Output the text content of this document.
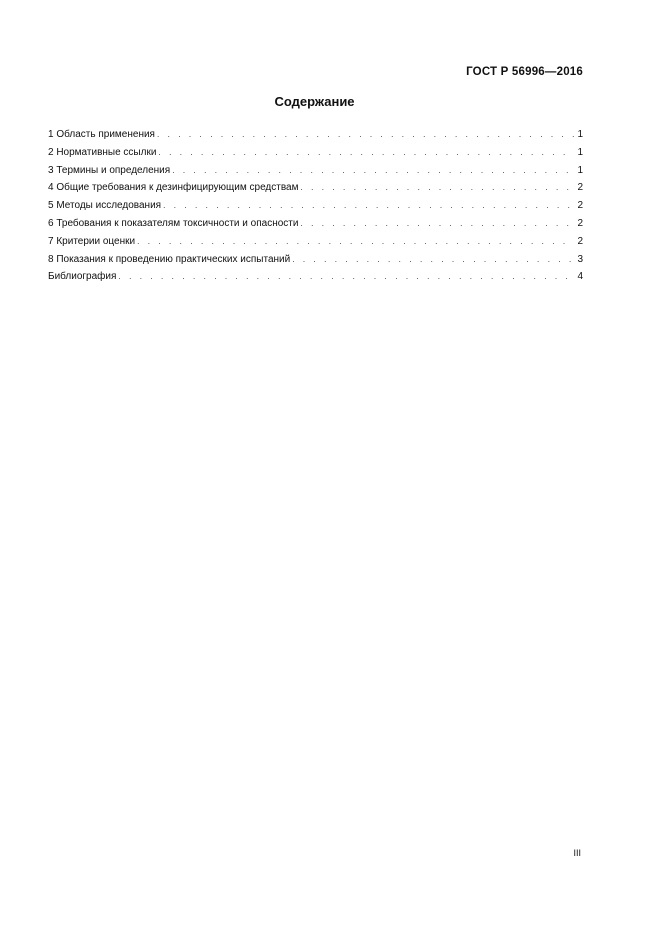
ГОСТ Р 56996—2016
Содержание
1 Область применения . . .	1
2 Нормативные ссылки . . .	1
3 Термины и определения . . .	1
4 Общие требования к дезинфицирующим средствам . . .	2
5 Методы исследования . . .	2
6 Требования к показателям токсичности и опасности . . .	2
7 Критерии оценки . . .	2
8 Показания к проведению практических испытаний . . .	3
Библиография . . .	4
III
